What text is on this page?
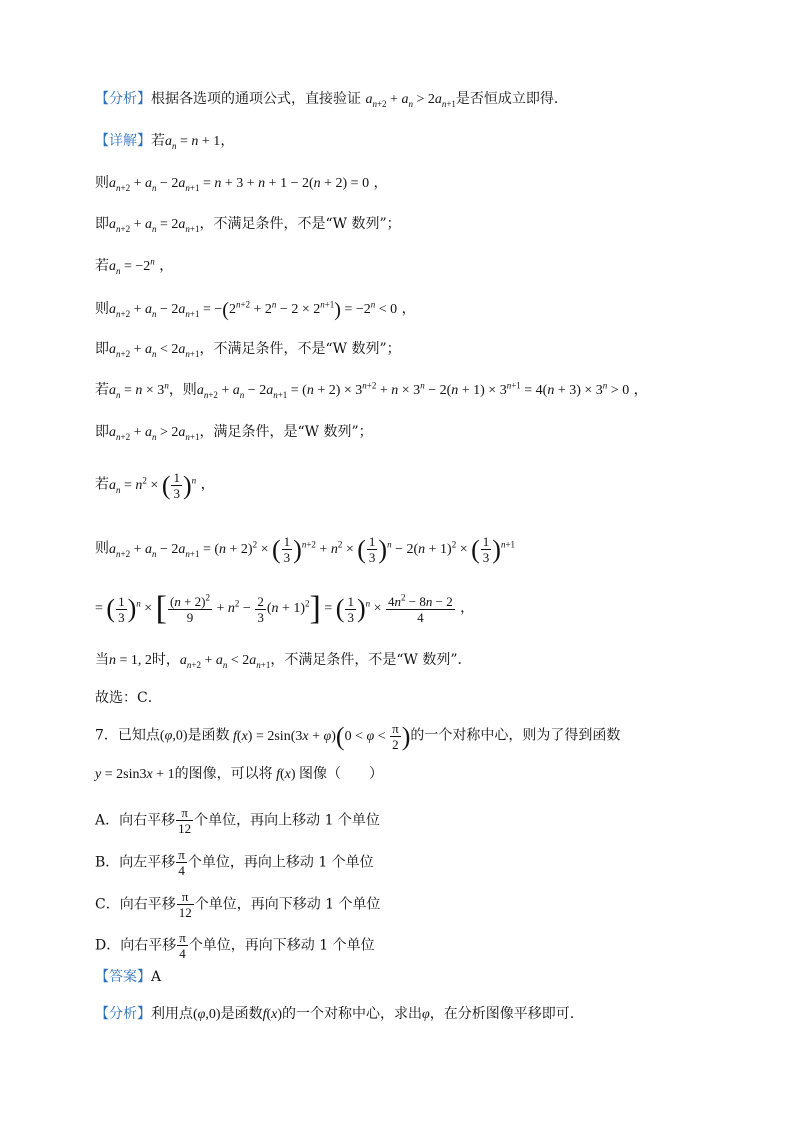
【分析】根据各选项的通项公式，直接验证 $a_{n+2} + a_n > 2a_{n+1}$是否恒成立即得．
【详解】若$a_n = n + 1$，
则$a_{n+2} + a_n - 2a_{n+1} = n + 3 + n + 1 - 2(n + 2) = 0$ ，
即$a_{n+2} + a_n = 2a_{n+1}$，不满足条件，不是“W 数列”；
若$a_n = -2^n$ ，
则$a_{n+2} + a_n - 2a_{n+1} = -(2^{n+2} + 2^n - 2 \times 2^{n+1}) = -2^n < 0$ ，
即$a_{n+2} + a_n < 2a_{n+1}$，不满足条件，不是“W 数列”；
若$a_n = n \times 3^n$，则$a_{n+2} + a_n - 2a_{n+1} = (n + 2) \times 3^{n+2} + n \times 3^n - 2(n + 1) \times 3^{n+1} = 4(n + 3) \times 3^n > 0$ ，
即$a_{n+2} + a_n > 2a_{n+1}$，满足条件，是“W 数列”；
若$a_n = n^2$ × ( $\frac{1}{3} )^n$ ，
则$a_{n+2} + a_n - 2a_{n+1} = (n + 2)^2$ × ( $\frac{1}{3} )^{n+2} + n^2$ × ( $\frac{1}{3} )^n - 2(n + 1)^2$ × ( $\frac{1}{3} )^{n+1}$
= ( $\frac{1}{3} )^n$ × [ $\frac{(n + 2)^2}{9} + n^2 - \frac{2}{3} (n + 1)^2$] = ( $\frac{1}{3} )^n \times \frac{4n^2 - 8n - 2}{4}$ ，
当n = 1, 2时，$a_{n+2} + a_n < 2a_{n+1}$，不满足条件，不是“W 数列”．
故选：C．
7．已知点(φ,0)是函数 $f(x) = 2\sin(3x + \varphi)(0 < \varphi < \frac{\pi}{2}$ )的一个对称中心，则为了得到函数
y = 2sin3x + 1的图像，可以将 f(x) 图像（　　）
A．向右平移 $\frac{\pi}{12}$ 个单位，再向上移动 1 个单位
B．向左平移 $\frac{\pi}{4}$ 个单位，再向上移动 1 个单位
C．向右平移 $\frac{\pi}{12}$ 个单位，再向下移动 1 个单位
D．向右平移 $\frac{\pi}{4}$ 个单位，再向下移动 1 个单位
【答案】A
【分析】利用点(φ,0)是函数f(x)的一个对称中心，求出φ，在分析图像平移即可.
